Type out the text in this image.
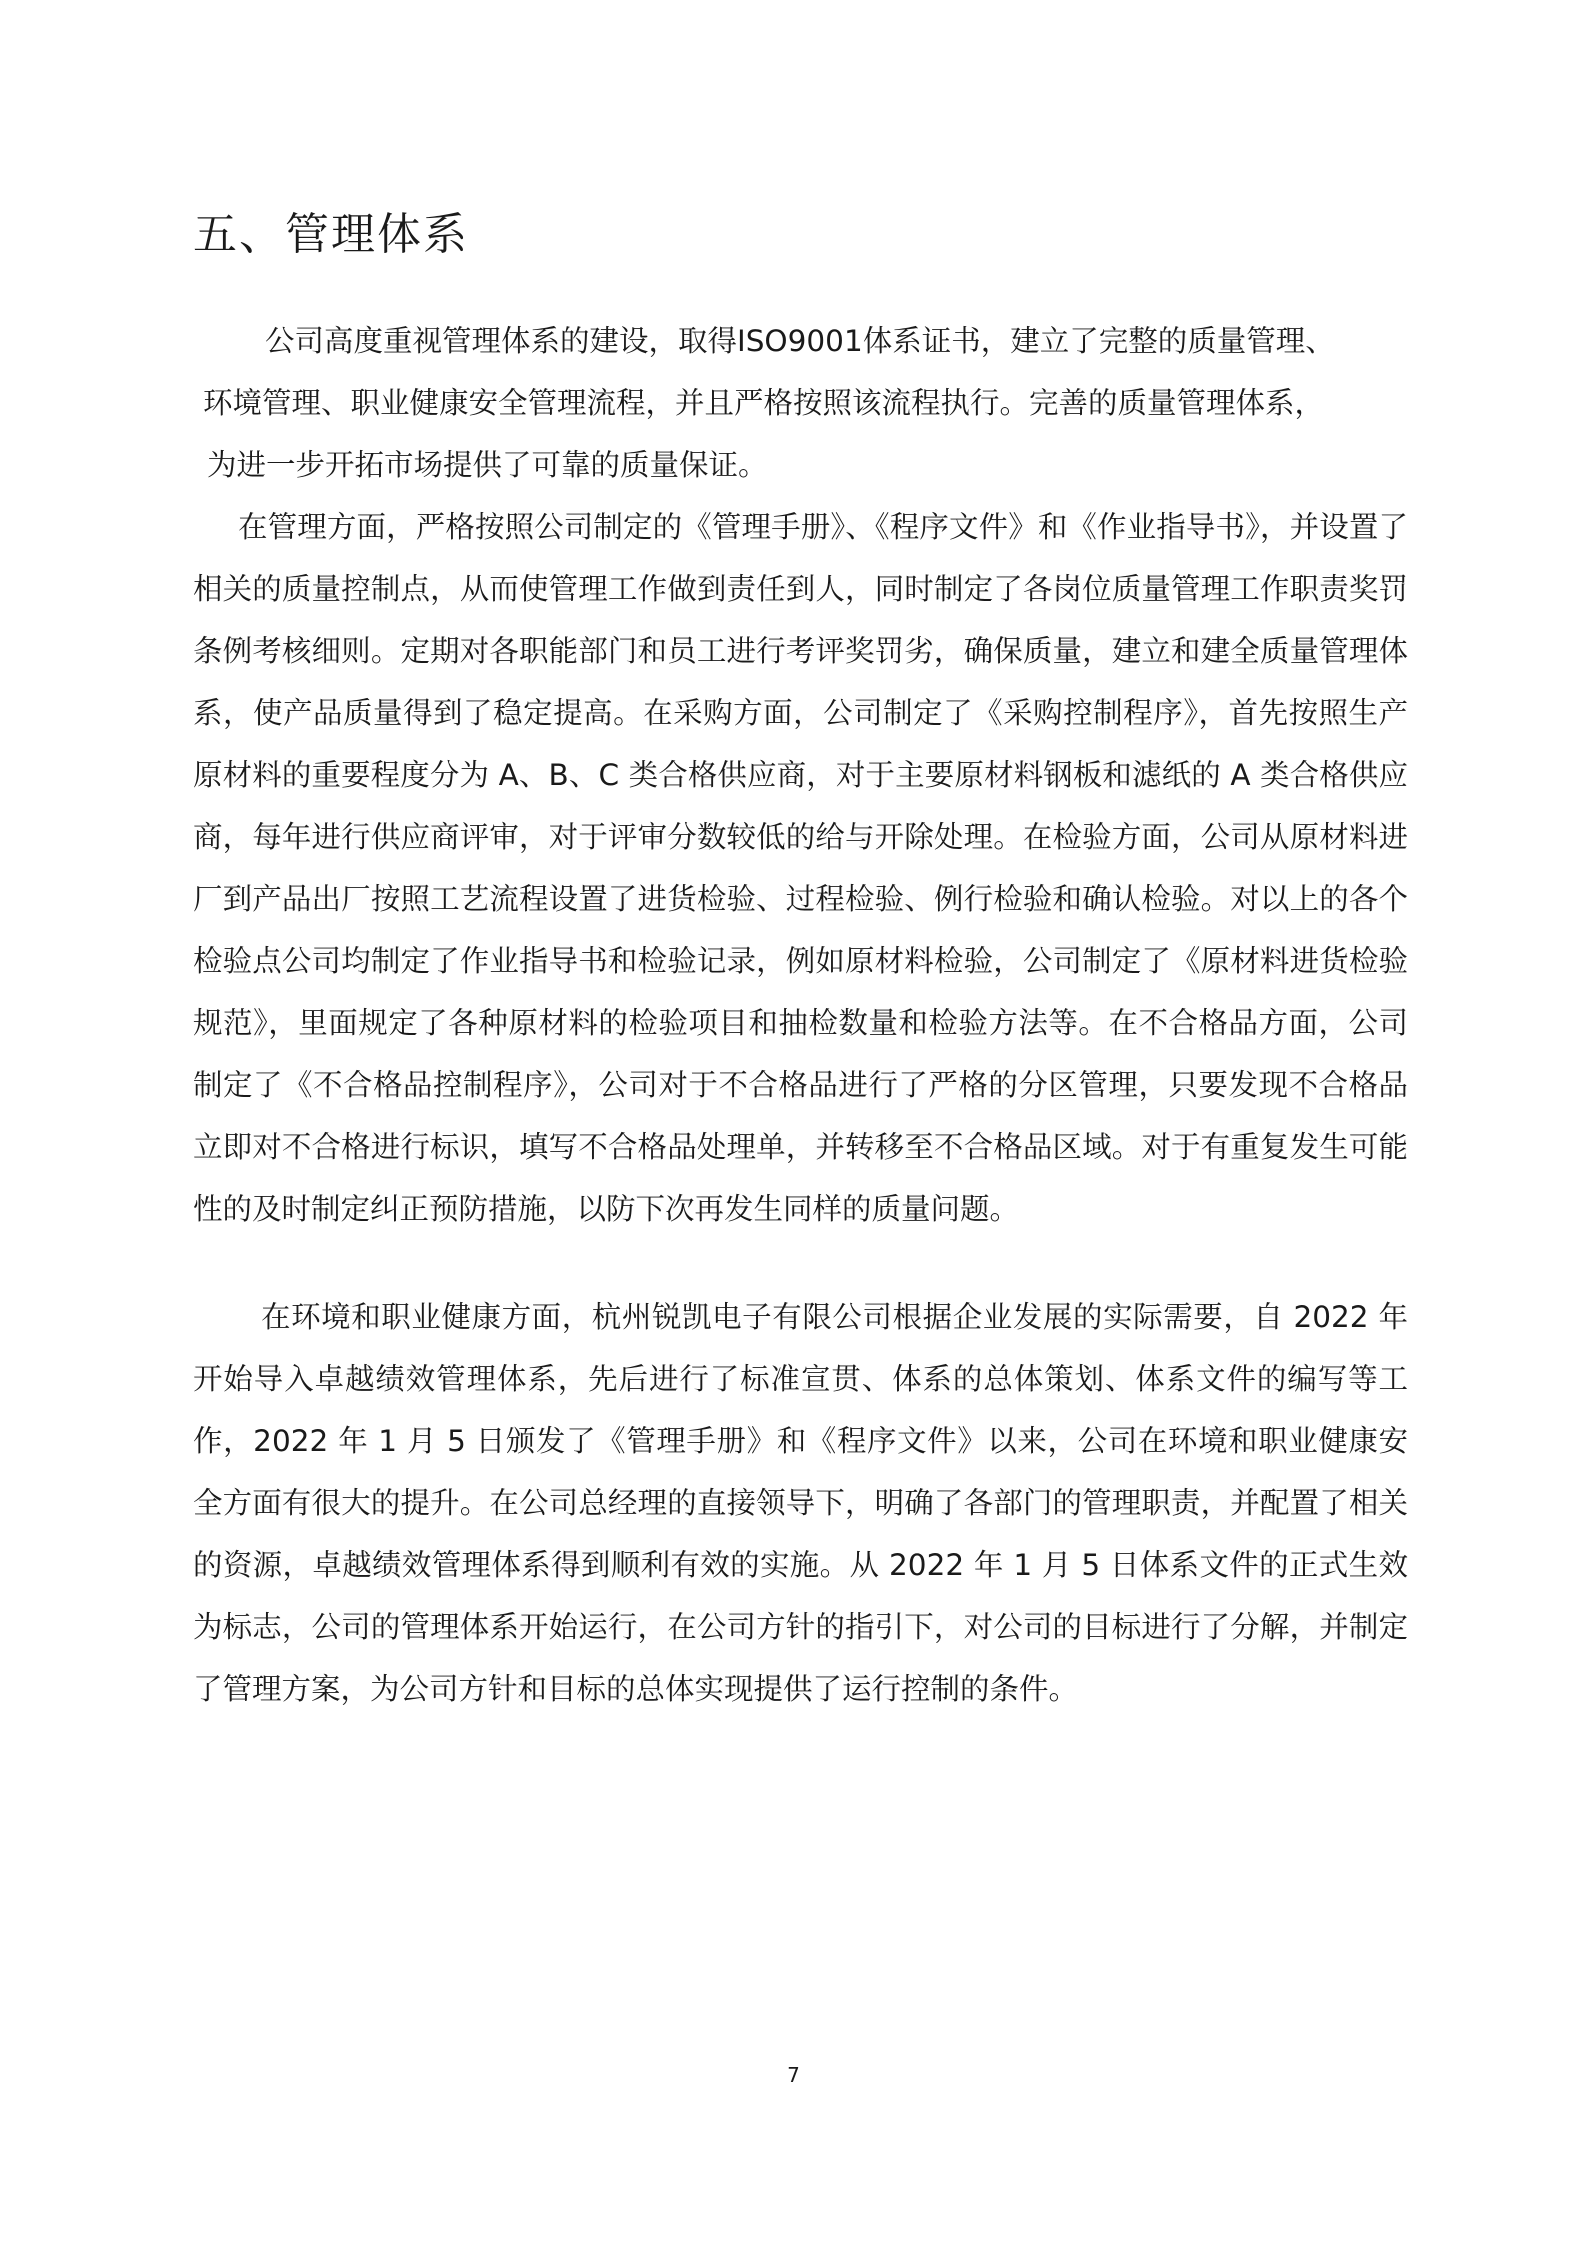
五、管理体系
公司高度重视管理体系的建设，取得ISO9001体系证书，建立了完整的质量管理、
环境管理、职业健康安全管理流程，并且严格按照该流程执行。完善的质量管理体系，
为进一步开拓市场提供了可靠的质量保证。

在管理方面，严格按照公司制定的《管理手册》、《程序文件》和《作业指导书》，并设置了相关的质量控制点，从而使管理工作做到责任到人，同时制定了各岗位质量管理工作职责奖罚条例考核细则。定期对各职能部门和员工进行考评奖罚劣，确保质量，建立和建全质量管理体系，使产品质量得到了稳定提高。在采购方面，公司制定了《采购控制程序》，首先按照生产原材料的重要程度分为 A、B、C 类合格供应商，对于主要原材料钢板和滤纸的 A 类合格供应商，每年进行供应商评审，对于评审分数较低的给与开除处理。在检验方面，公司从原材料进厂到产品出厂按照工艺流程设置了进货检验、过程检验、例行检验和确认检验。对以上的各个检验点公司均制定了作业指导书和检验记录，例如原材料检验，公司制定了《原材料进货检验规范》，里面规定了各种原材料的检验项目和抽检数量和检验方法等。在不合格品方面，公司制定了《不合格品控制程序》，公司对于不合格品进行了严格的分区管理，只要发现不合格品立即对不合格进行标识，填写不合格品处理单，并转移至不合格品区域。对于有重复发生可能性的及时制定纠正预防措施，以防下次再发生同样的质量问题。

在环境和职业健康方面，杭州锐凯电子有限公司根据企业发展的实际需要，自 2022 年开始导入卓越绩效管理体系，先后进行了标准宣贯、体系的总体策划、体系文件的编写等工作，2022 年 1 月 5 日颁发了《管理手册》和《程序文件》以来，公司在环境和职业健康安全方面有很大的提升。在公司总经理的直接领导下，明确了各部门的管理职责，并配置了相关的资源，卓越绩效管理体系得到顺利有效的实施。从 2022 年 1 月 5 日体系文件的正式生效为标志，公司的管理体系开始运行，在公司方针的指引下，对公司的目标进行了分解，并制定了管理方案，为公司方针和目标的总体实现提供了运行控制的条件。

7
